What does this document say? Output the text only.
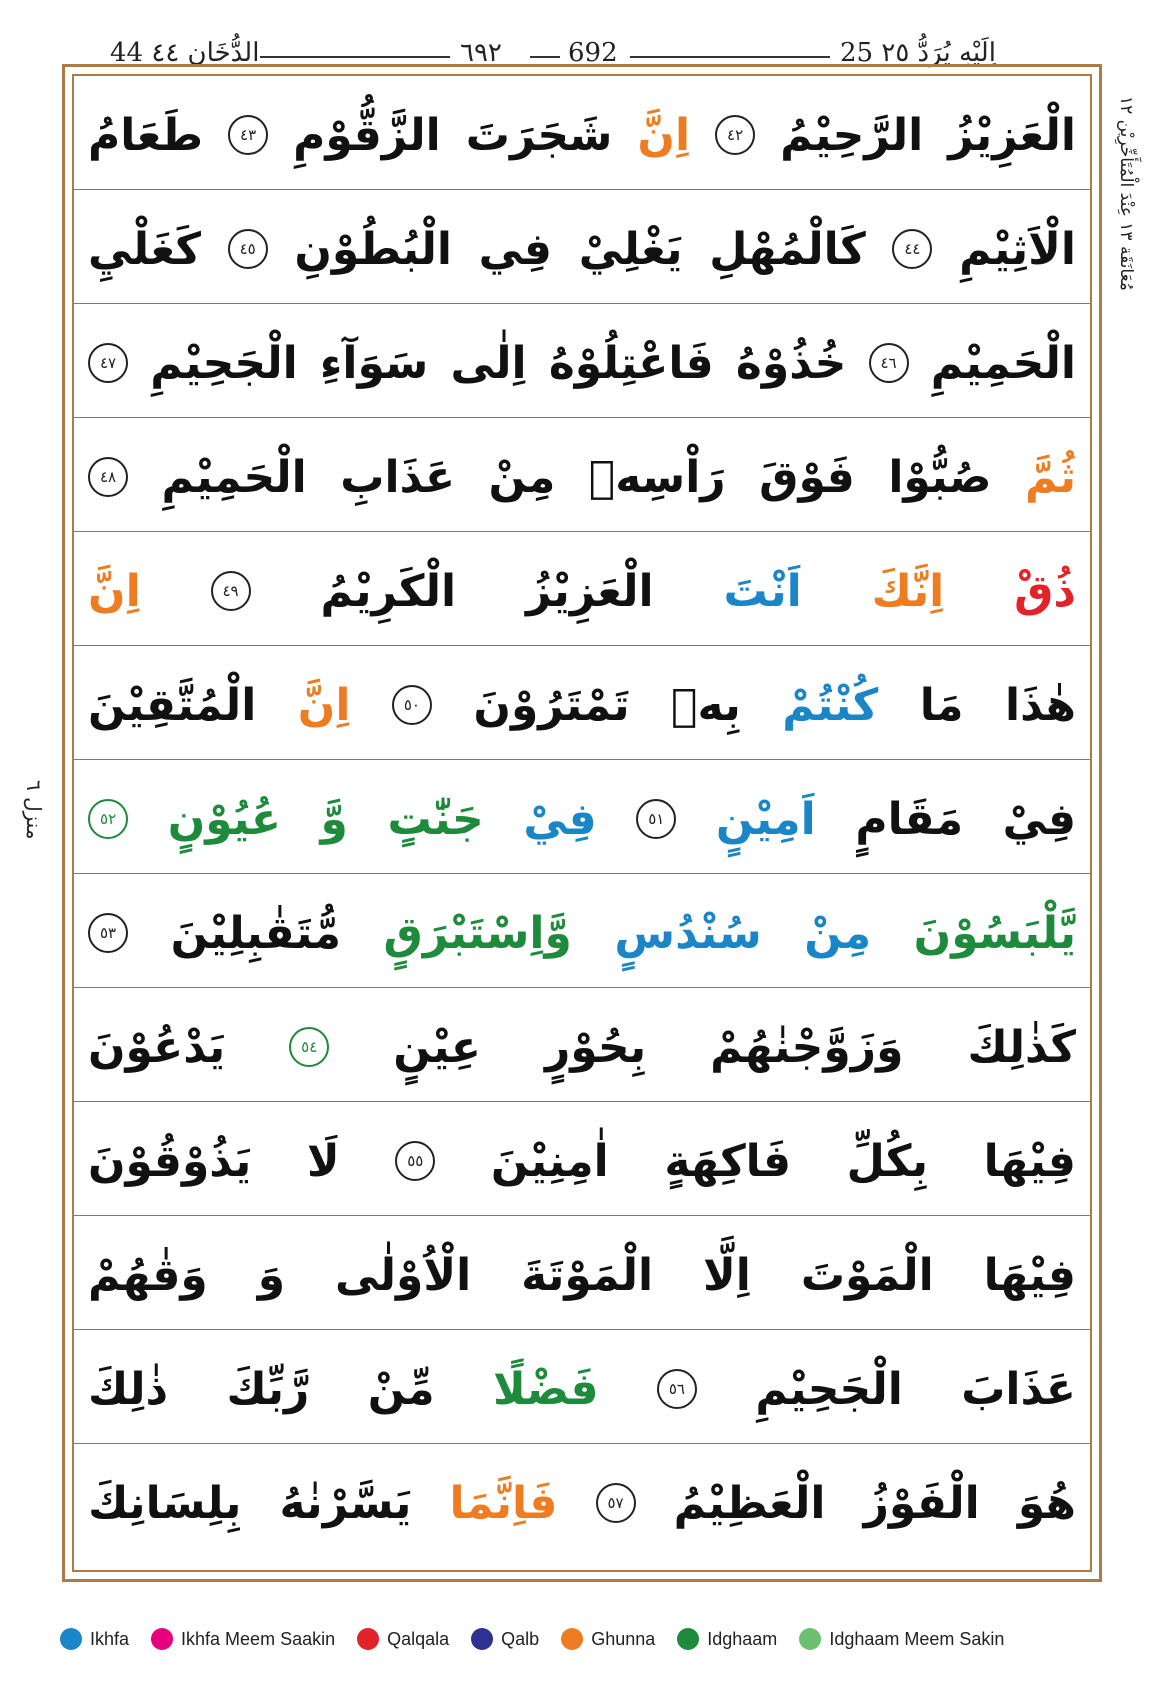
44 الدُّخَان ٤٤	٦٩٢	692	25 اِلَيْهِ يُرَدُّ ٢٥
الْعَزِيْزُ
الرَّحِيْمُ
٤٢
اِنَّ
شَجَرَتَ
الزَّقُّوْمِ
٤٣
طَعَامُ
الْاَثِيْمِ
٤٤
كَالْمُهْلِ
يَغْلِيْ
فِي
الْبُطُوْنِ
٤٥
كَغَلْيِ
الْحَمِيْمِ
٤٦
خُذُوْهُ
فَاعْتِلُوْهُ
اِلٰى
سَوَآءِ
الْجَحِيْمِ
٤٧
ثُمَّ
صُبُّوْا
فَوْقَ
رَاْسِهٖ
مِنْ
عَذَابِ
الْحَمِيْمِ
٤٨
ذُقْ
اِنَّكَ
اَنْتَ
الْعَزِيْزُ
الْكَرِيْمُ
٤٩
اِنَّ
هٰذَا
مَا
كُنْتُمْ
بِهٖ
تَمْتَرُوْنَ
٥٠
اِنَّ
الْمُتَّقِيْنَ
فِيْ
مَقَامٍ
اَمِيْنٍ
٥١
فِيْ
جَنّٰتٍ
وَّ
عُيُوْنٍ
٥٢
يَّلْبَسُوْنَ
مِنْ
سُنْدُسٍ
وَّاِسْتَبْرَقٍ
مُّتَقٰبِلِيْنَ
٥٣
كَذٰلِكَ
وَزَوَّجْنٰهُمْ
بِحُوْرٍ
عِيْنٍ
٥٤
يَدْعُوْنَ
فِيْهَا
بِكُلِّ
فَاكِهَةٍ
اٰمِنِيْنَ
٥٥
لَا
يَذُوْقُوْنَ
فِيْهَا
الْمَوْتَ
اِلَّا
الْمَوْتَةَ
الْاُوْلٰى
وَ
وَقٰهُمْ
عَذَابَ
الْجَحِيْمِ
٥٦
فَضْلًا
مِّنْ
رَّبِّكَ
ذٰلِكَ
هُوَ
الْفَوْزُ
الْعَظِيْمُ
٥٧
فَاِنَّمَا
يَسَّرْنٰهُ
بِلِسَانِكَ
مُعَانَقَة ١٣ عِنْدَ الْمُتَأَخِّرِيْن ١٢
منزل ٦
Ikhfa	Ikhfa Meem Saakin	Qalqala	Qalb	Ghunna	Idghaam	Idghaam Meem Sakin
